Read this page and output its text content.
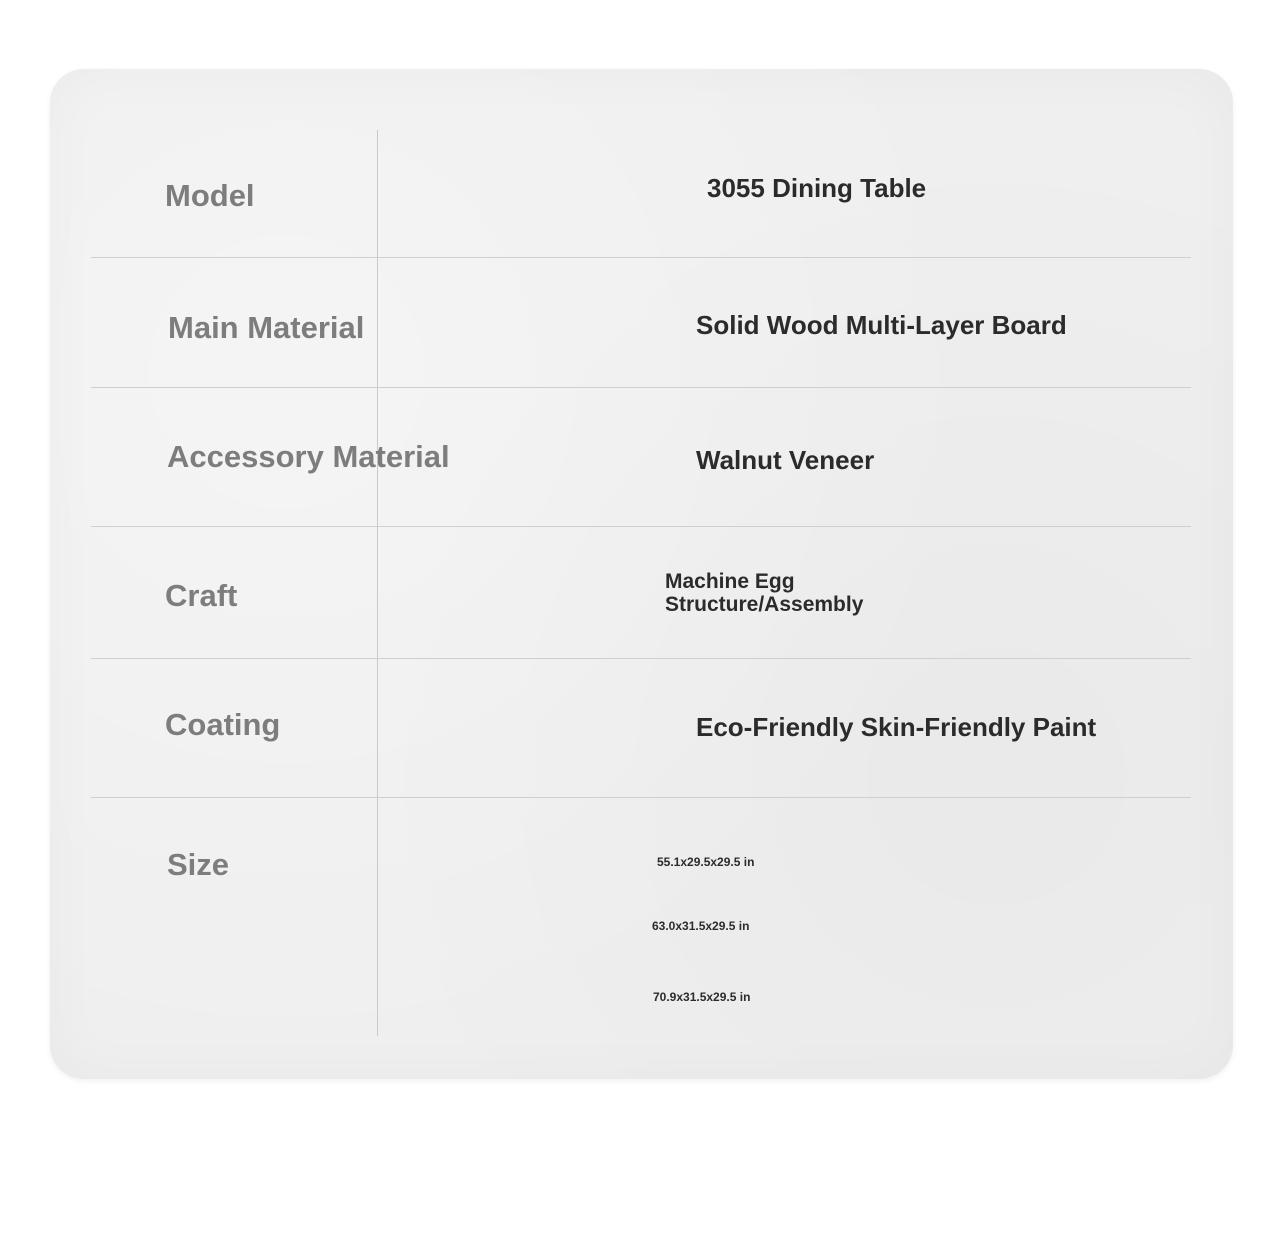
Model	3055 Dining Table
Main Material	Solid Wood Multi-Layer Board
Accessory Material	Walnut Veneer
Craft	Machine Egg
Structure/Assembly
Coating	Eco-Friendly Skin-Friendly Paint
Size	55.1x29.5x29.5 in
63.0x31.5x29.5 in
70.9x31.5x29.5 in
